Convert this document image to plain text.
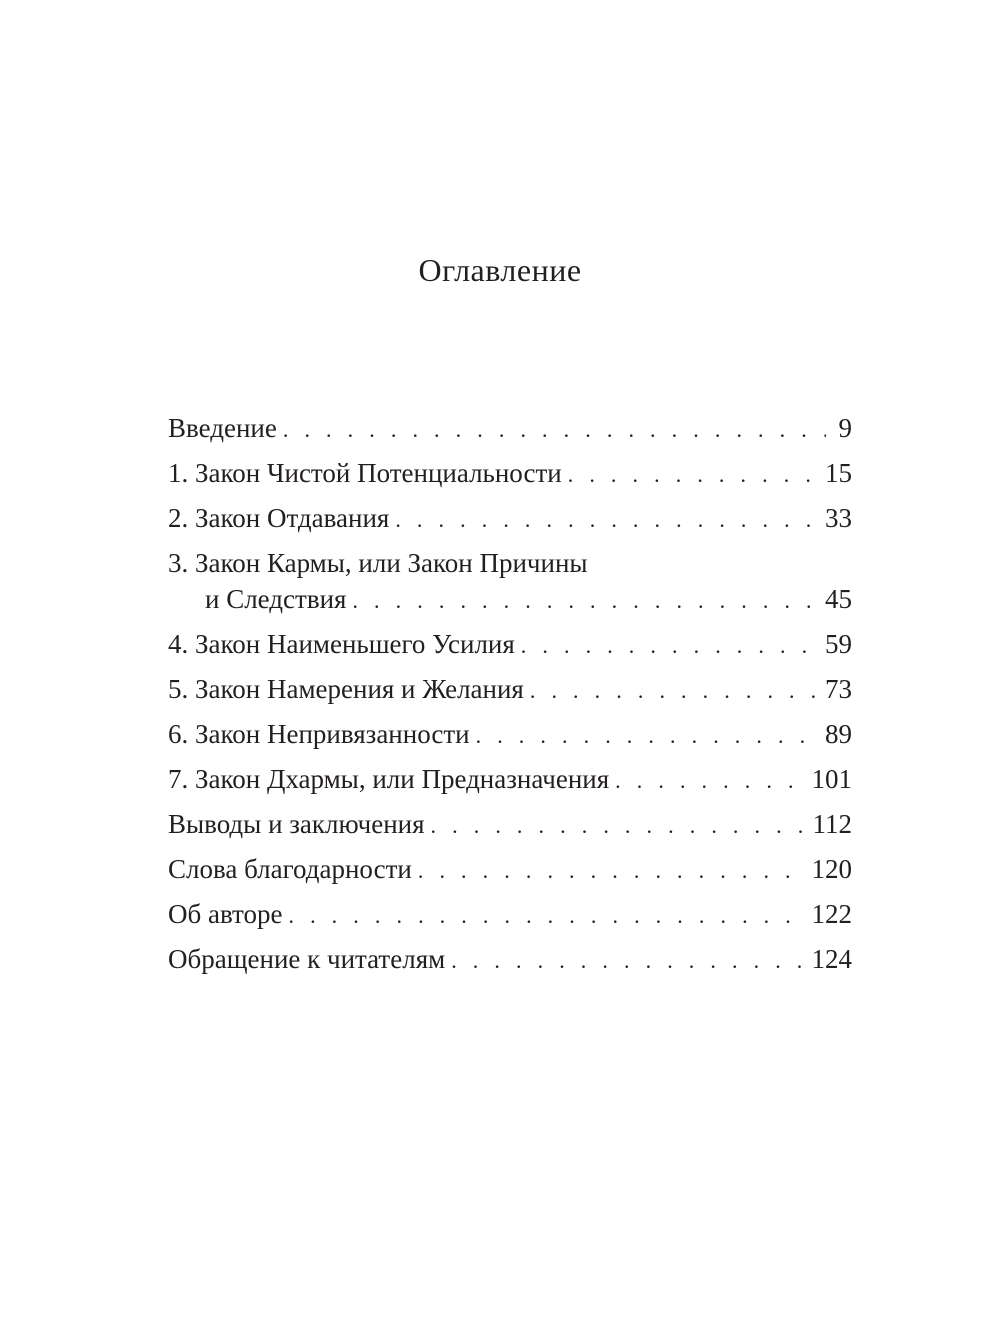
Оглавление
Введение . . .	9
1. Закон Чистой Потенциальности . . .	15
2. Закон Отдавания . . .	33
3. Закон Кармы, или Закон Причины
и Следствия . . .	45
4. Закон Наименьшего Усилия . . .	59
5. Закон Намерения и Желания . . .	73
6. Закон Непривязанности . . .	89
7. Закон Дхармы, или Предназначения . . .	101
Выводы и заключения . . .	112
Слова благодарности . . .	120
Об авторе . . .	122
Обращение к читателям . . .	124
